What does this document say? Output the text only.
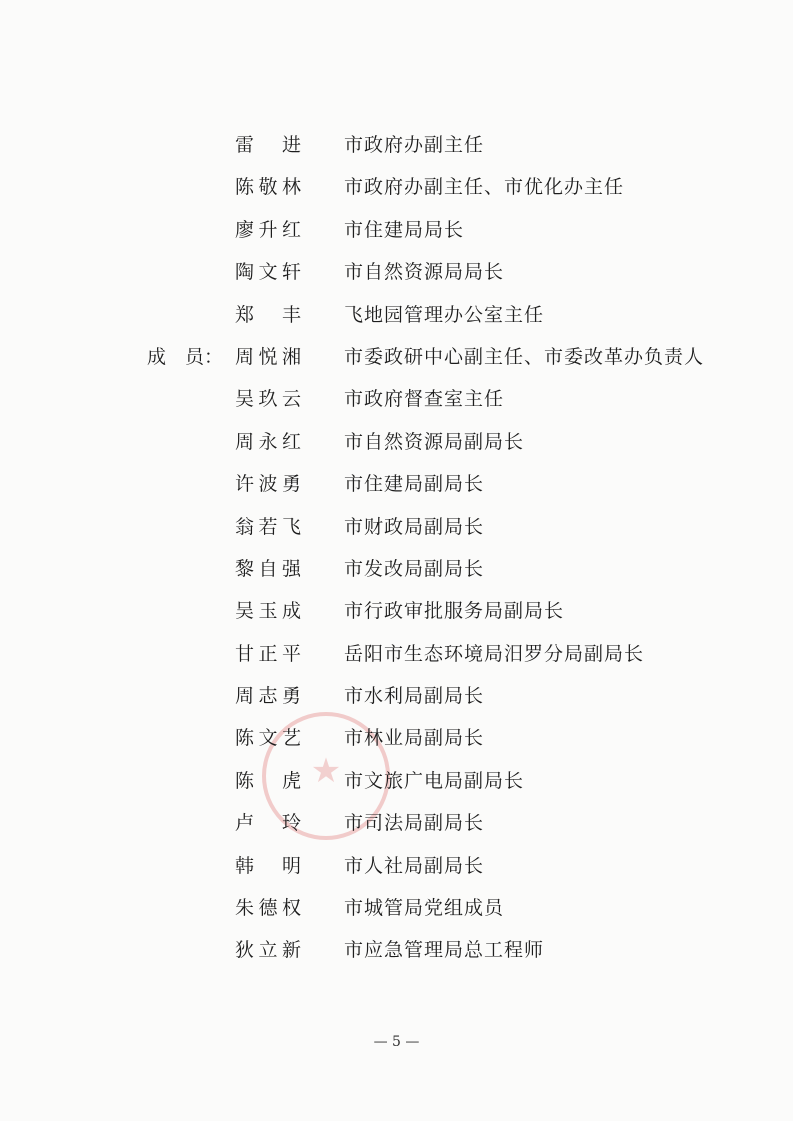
★
雷 进 市政府办副主任
陈敬林 市政府办副主任、市优化办主任
廖升红 市住建局局长
陶文轩 市自然资源局局长
郑 丰 飞地园管理办公室主任
成　员： 周悦湘 市委政研中心副主任、市委改革办负责人
吴玖云 市政府督查室主任
周永红 市自然资源局副局长
许波勇 市住建局副局长
翁若飞 市财政局副局长
黎自强 市发改局副局长
吴玉成 市行政审批服务局副局长
甘正平 岳阳市生态环境局汨罗分局副局长
周志勇 市水利局副局长
陈文艺 市林业局副局长
陈 虎 市文旅广电局副局长
卢 玲 市司法局副局长
韩 明 市人社局副局长
朱德权 市城管局党组成员
狄立新 市应急管理局总工程师
— 5 —
